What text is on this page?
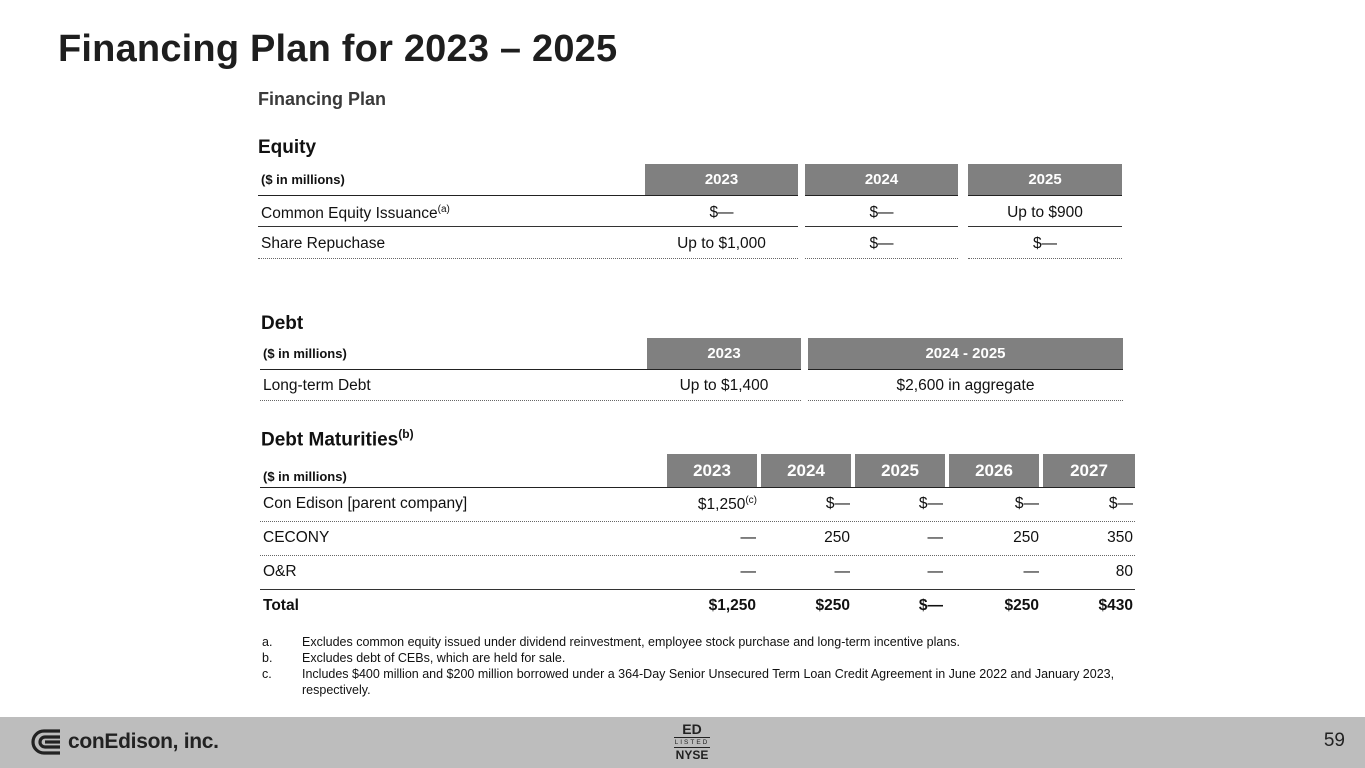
Financing Plan for 2023 – 2025
Financing Plan
Equity
($ in millions)	2023	2024	2025
Common Equity Issuance$^{(a)}$	$—	$—	Up to $900
Share Repuchase	Up to $1,000	$—	$—
Debt
($ in millions)	2023	2024 - 2025
Long-term Debt	Up to $1,400	$2,600 in aggregate
Debt Maturities$^{(b)}$
($ in millions)	2023	2024	2025	2026	2027
Con Edison [parent company]	$1,250$^{(c)}$	$—	$—	$—	$—
CECONY	—	250	—	250	350
O&R	—	—	—	—	80
Total	$1,250	$250	$—	$250	$430
a.	Excludes common equity issued under dividend reinvestment, employee stock purchase and long-term incentive plans.
b.	Excludes debt of CEBs, which are held for sale.
c.	Includes $400 million and $200 million borrowed under a 364-Day Senior Unsecured Term Loan Credit Agreement in June 2022 and January 2023, respectively.
conEdison, inc.
ED
LISTED
NYSE
59
